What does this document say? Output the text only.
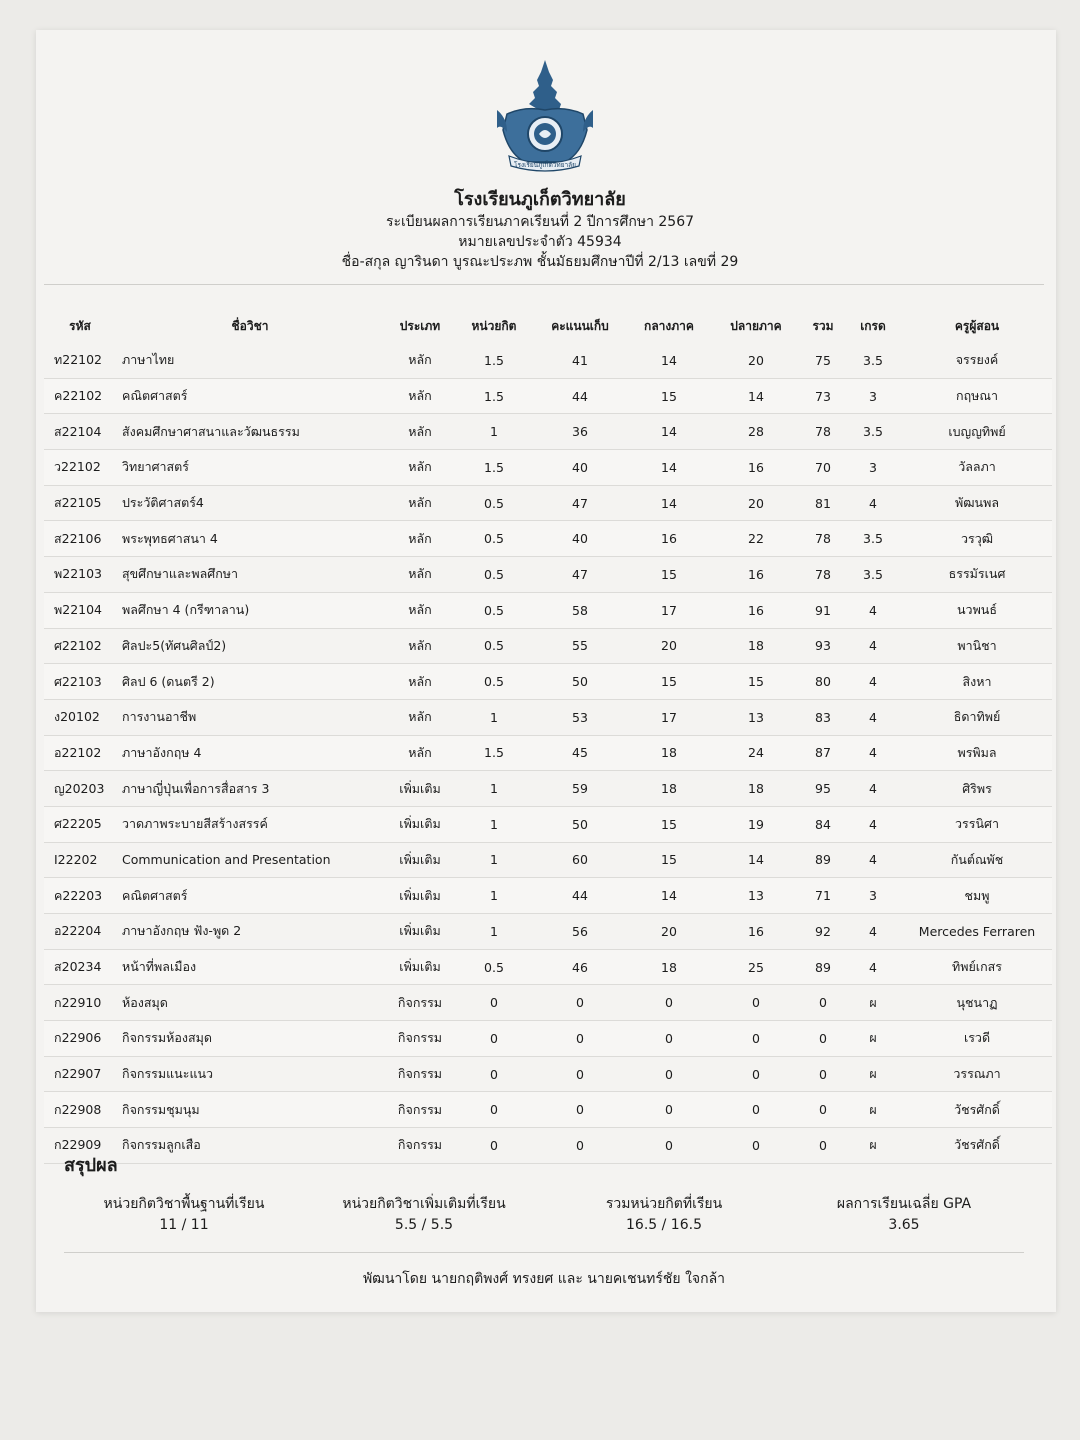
โรงเรียนภูเก็ตวิทยาลัย
โรงเรียนภูเก็ตวิทยาลัย
ระเบียนผลการเรียนภาคเรียนที่ 2 ปีการศึกษา 2567
หมายเลขประจำตัว 45934
ชื่อ-สกุล ญารินดา บูรณะประภพ ชั้นมัธยมศึกษาปีที่ 2/13 เลขที่ 29
รหัส	ชื่อวิชา	ประเภท	หน่วยกิต	คะแนนเก็บ	กลางภาค	ปลายภาค	รวม	เกรด	ครูผู้สอน
ท22102	ภาษาไทย	หลัก	1.5	41	14	20	75	3.5	จรรยงค์
ค22102	คณิตศาสตร์	หลัก	1.5	44	15	14	73	3	กฤษณา
ส22104	สังคมศึกษาศาสนาและวัฒนธรรม	หลัก	1	36	14	28	78	3.5	เบญญทิพย์
ว22102	วิทยาศาสตร์	หลัก	1.5	40	14	16	70	3	วัลลภา
ส22105	ประวัติศาสตร์4	หลัก	0.5	47	14	20	81	4	พัฒนพล
ส22106	พระพุทธศาสนา 4	หลัก	0.5	40	16	22	78	3.5	วรวุฒิ
พ22103	สุขศึกษาและพลศึกษา	หลัก	0.5	47	15	16	78	3.5	ธรรมัรเนศ
พ22104	พลศึกษา 4 (กรีฑาลาน)	หลัก	0.5	58	17	16	91	4	นวพนธ์
ศ22102	ศิลปะ5(ทัศนศิลป์2)	หลัก	0.5	55	20	18	93	4	พานิชา
ศ22103	ศิลป 6 (ดนตรี 2)	หลัก	0.5	50	15	15	80	4	สิงหา
ง20102	การงานอาชีพ	หลัก	1	53	17	13	83	4	ธิดาทิพย์
อ22102	ภาษาอังกฤษ 4	หลัก	1.5	45	18	24	87	4	พรพิมล
ญ20203	ภาษาญี่ปุ่นเพื่อการสื่อสาร 3	เพิ่มเติม	1	59	18	18	95	4	ศิริพร
ศ22205	วาดภาพระบายสีสร้างสรรค์	เพิ่มเติม	1	50	15	19	84	4	วรรนิศา
I22202	Communication and Presentation	เพิ่มเติม	1	60	15	14	89	4	กันต์ณพัช
ค22203	คณิตศาสตร์	เพิ่มเติม	1	44	14	13	71	3	ชมพู
อ22204	ภาษาอังกฤษ ฟัง-พูด 2	เพิ่มเติม	1	56	20	16	92	4	Mercedes Ferraren
ส20234	หน้าที่พลเมือง	เพิ่มเติม	0.5	46	18	25	89	4	ทิพย์เกสร
ก22910	ห้องสมุด	กิจกรรม	0	0	0	0	0	ผ	นุชนาฏ
ก22906	กิจกรรมห้องสมุด	กิจกรรม	0	0	0	0	0	ผ	เรวดี
ก22907	กิจกรรมแนะแนว	กิจกรรม	0	0	0	0	0	ผ	วรรณภา
ก22908	กิจกรรมชุมนุม	กิจกรรม	0	0	0	0	0	ผ	วัชรศักดิ์
ก22909	กิจกรรมลูกเสือ	กิจกรรม	0	0	0	0	0	ผ	วัชรศักดิ์
สรุปผล
หน่วยกิตวิชาพื้นฐานที่เรียน
11 / 11
หน่วยกิตวิชาเพิ่มเติมที่เรียน
5.5 / 5.5
รวมหน่วยกิตที่เรียน
16.5 / 16.5
ผลการเรียนเฉลี่ย GPA
3.65
พัฒนาโดย นายกฤติพงศ์ ทรงยศ และ นายคเชนทร์ชัย ใจกล้า
